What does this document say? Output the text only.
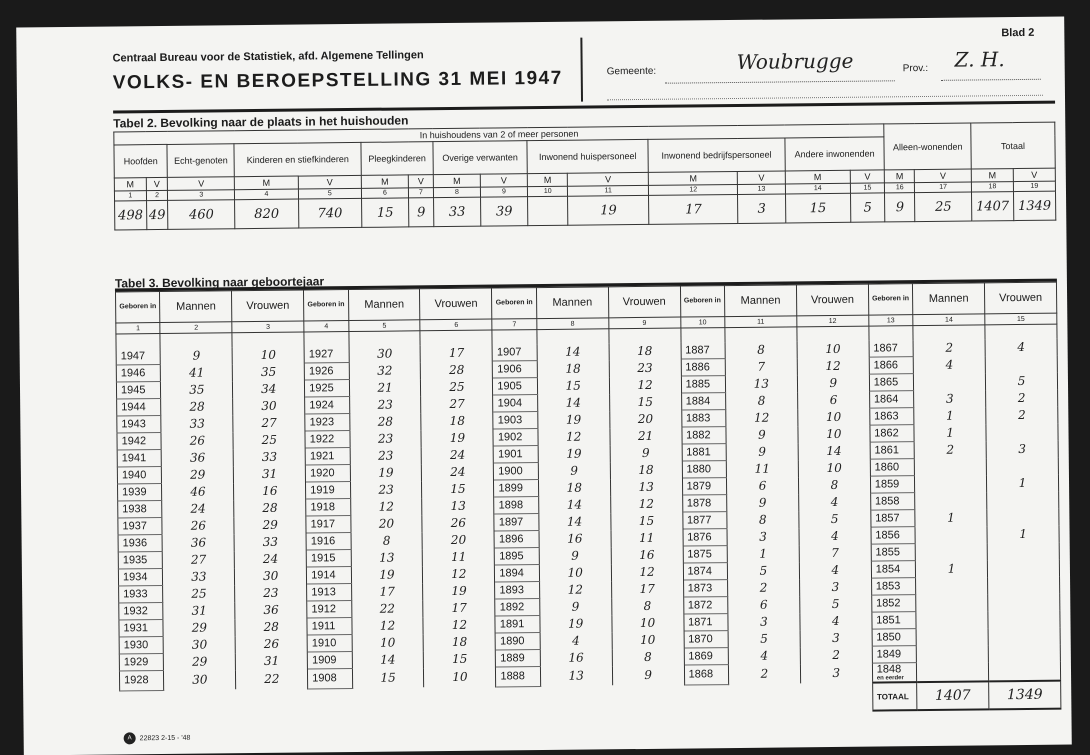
Blad 2
Centraal Bureau voor de Statistiek, afd. Algemene Tellingen
VOLKS- EN BEROEPSTELLING 31 MEI 1947	Gemeente:	Woubrugge	Prov.: Z. H.
Tabel 2. Bevolking naar de plaats in het huishouden
In huishoudens van 2 of meer personen															Alleen-wonenden		Totaal	
Hoofden		Echt-genoten	Kinderen en stiefkinderen		Pleegkinderen		Overige verwanten		Inwonend huispersoneel		Inwonend bedrijfspersoneel		Andere inwonenden					
M	V	V	M	V	M	V	M	V	M	V	M	V	M	V	M	V	M	V
1	2	3	4	5	6	7	8	9	10	11	12	13	14	15	16	17	18	19
498	49	460	820	740	15	9	33	39		19	17	3	15	5	9	25	1407	1349
Tabel 3. Bevolking naar geboortejaar
Geboren in	Mannen	Vrouwen	Geboren in	Mannen	Vrouwen	Geboren in	Mannen	Vrouwen	Geboren in	Mannen	Vrouwen	Geboren in	Mannen	Vrouwen
1	2	3	4	5	6	7	8	9	10	11	12	13	14	15

1947	9	10	1927	30	17	1907	14	18	1887	8	10	1867	2	4
1946	41	35	1926	32	28	1906	18	23	1886	7	12	1866	4	
1945	35	34	1925	21	25	1905	15	12	1885	13	9	1865		5
1944	28	30	1924	23	27	1904	14	15	1884	8	6	1864	3	2
1943	33	27	1923	28	18	1903	19	20	1883	12	10	1863	1	2
1942	26	25	1922	23	19	1902	12	21	1882	9	10	1862	1	
1941	36	33	1921	23	24	1901	19	9	1881	9	14	1861	2	3
1940	29	31	1920	19	24	1900	9	18	1880	11	10	1860		
1939	46	16	1919	23	15	1899	18	13	1879	6	8	1859		1
1938	24	28	1918	12	13	1898	14	12	1878	9	4	1858		
1937	26	29	1917	20	26	1897	14	15	1877	8	5	1857	1	
1936	36	33	1916	8	20	1896	16	11	1876	3	4	1856		1
1935	27	24	1915	13	11	1895	9	16	1875	1	7	1855		
1934	33	30	1914	19	12	1894	10	12	1874	5	4	1854	1	
1933	25	23	1913	17	19	1893	12	17	1873	2	3	1853		
1932	31	36	1912	22	17	1892	9	8	1872	6	5	1852		
1931	29	28	1911	12	12	1891	19	10	1871	3	4	1851		
1930	30	26	1910	10	18	1890	4	10	1870	5	3	1850		
1929	29	31	1909	14	15	1889	16	8	1869	4	2	1849		
1928	30	22	1908	15	10	1888	13	9	1868	2	3	1848
en eerder		

												TOTAAL	1407	1349
A	22823 2-15 - '48
